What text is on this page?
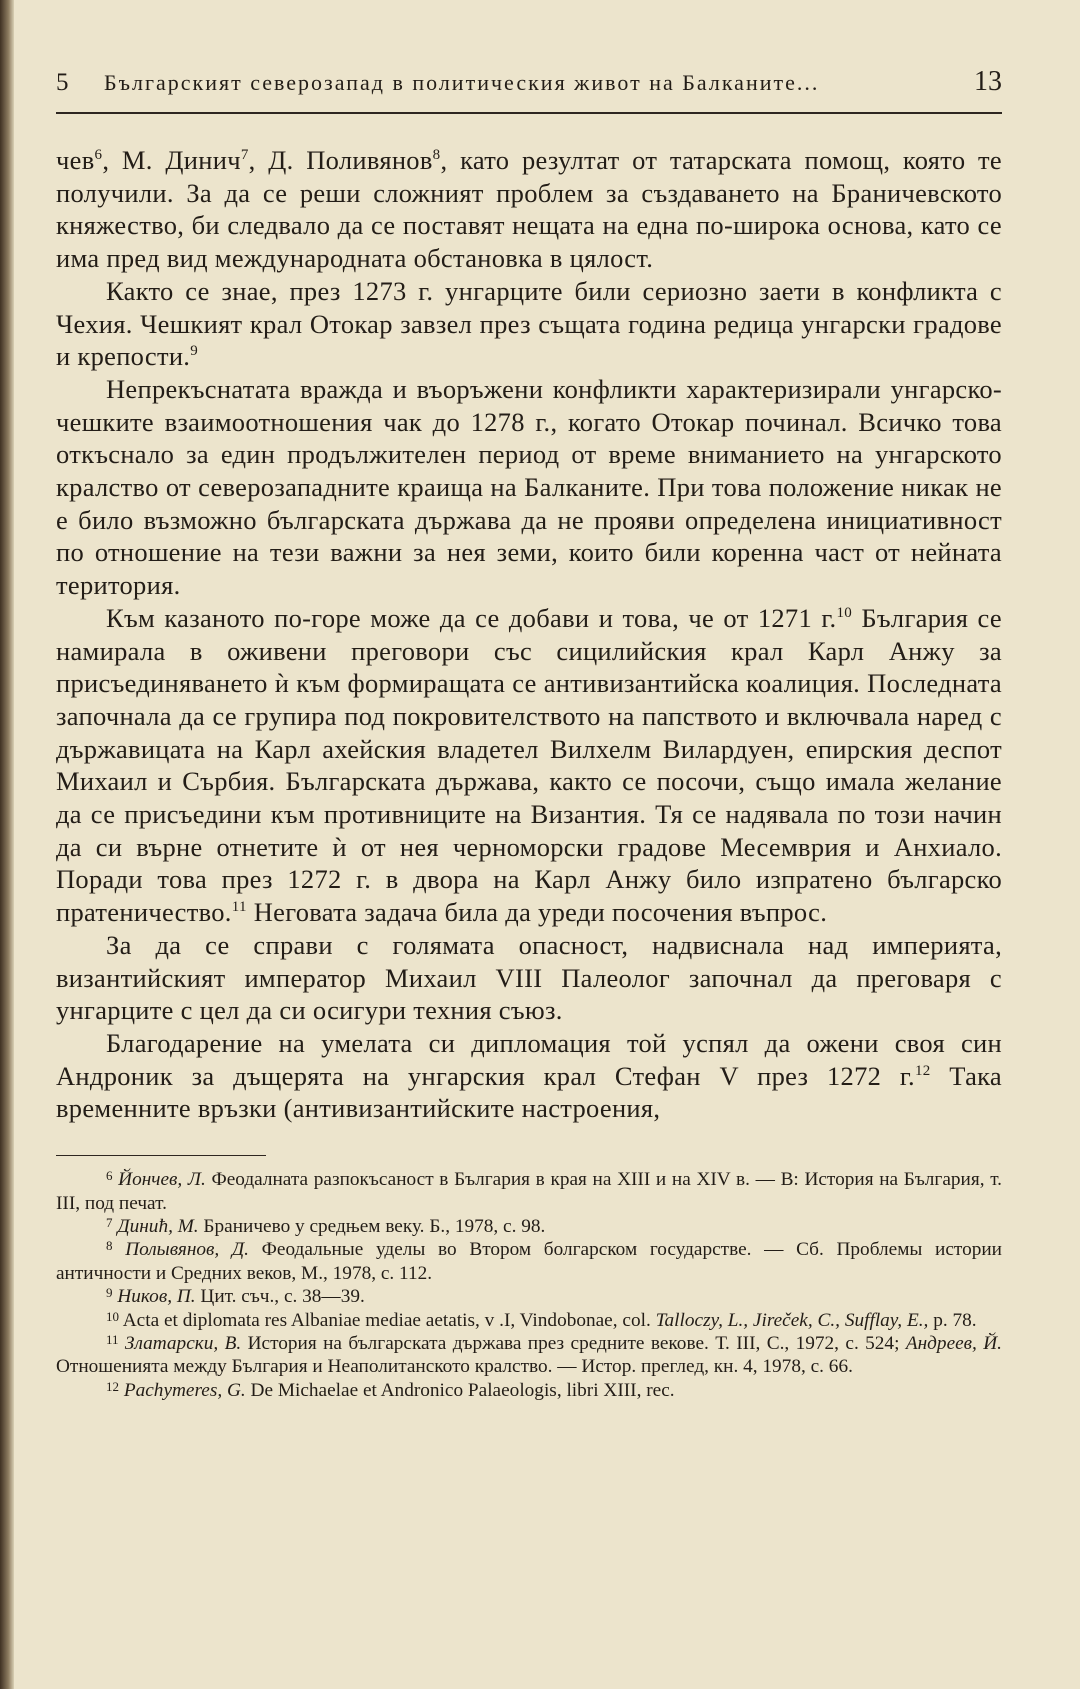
5	Българският северозапад в политическия живот на Балканите...	13

чев$^6$, М. Динич$^7$, Д. Поливянов$^8$, като резултат от татарската помощ, която те получили. За да се реши сложният проблем за създаването на Браничевското княжество, би следвало да се поставят нещата на една по-широка основа, като се има пред вид международната обстановка в цялост.

Както се знае, през 1273 г. унгарците били сериозно заети в конфликта с Чехия. Чешкият крал Отокар завзел през същата година редица унгарски градове и крепости.$^9$

Непрекъснатата вражда и въоръжени конфликти характеризирали унгарско-чешките взаимоотношения чак до 1278 г., когато Отокар починал. Всичко това откъснало за един продължителен период от време вниманието на унгарското кралство от северозападните краища на Балканите. При това положение никак не е било възможно българската държава да не прояви определена инициативност по отношение на тези важни за нея земи, които били коренна част от нейната територия.

Към казаното по-горе може да се добави и това, че от 1271 г.$^{10}$ България се намирала в оживени преговори със сицилийския крал Карл Анжу за присъединяването ѝ към формиращата се антивизантийска коалиция. Последната започнала да се групира под покровителството на папството и включвала наред с държавицата на Карл ахейския владетел Вилхелм Вилардуен, епирския деспот Михаил и Сърбия. Българската държава, както се посочи, също имала желание да се присъедини към противниците на Византия. Тя се надявала по този начин да си върне отнетите ѝ от нея черноморски градове Месемврия и Анхиало. Поради това през 1272 г. в двора на Карл Анжу било изпратено българско пратеничество.$^{11}$ Неговата задача била да уреди посочения въпрос.

За да се справи с голямата опасност, надвиснала над империята, византийският император Михаил VIII Палеолог започнал да преговаря с унгарците с цел да си осигури техния съюз.

Благодарение на умелата си дипломация той успял да ожени своя син Андроник за дъщерята на унгарския крал Стефан V през 1272 г.$^{12}$ Така временните връзки (антивизантийските настроения,

$^6$ Йончев, Л. Феодалната разпокъсаност в България в края на XIII и на XIV в. — В: История на България, т. III, под печат.

$^7$ Динић, М. Браничево у средњем веку. Б., 1978, с. 98.

$^8$ Полывянов, Д. Феодальные уделы во Втором болгарском государстве. — Сб. Проблемы истории античности и Средних веков, М., 1978, с. 112.

$^9$ Ников, П. Цит. съч., с. 38—39.

$^{10}$ Acta et diplomata res Albaniae mediae aetatis, v .I, Vindobonae, col. Talloczy, L., Jireček, C., Sufflay, E., p. 78.

$^{11}$ Златарски, В. История на българската държава през средните векове. Т. III, С., 1972, с. 524; Андреев, Й. Отношенията между България и Неаполитанското кралство. — Истор. преглед, кн. 4, 1978, с. 66.

$^{12}$ Pachymeres, G. De Michaelae et Andronico Palaeologis, libri XIII, rec.
